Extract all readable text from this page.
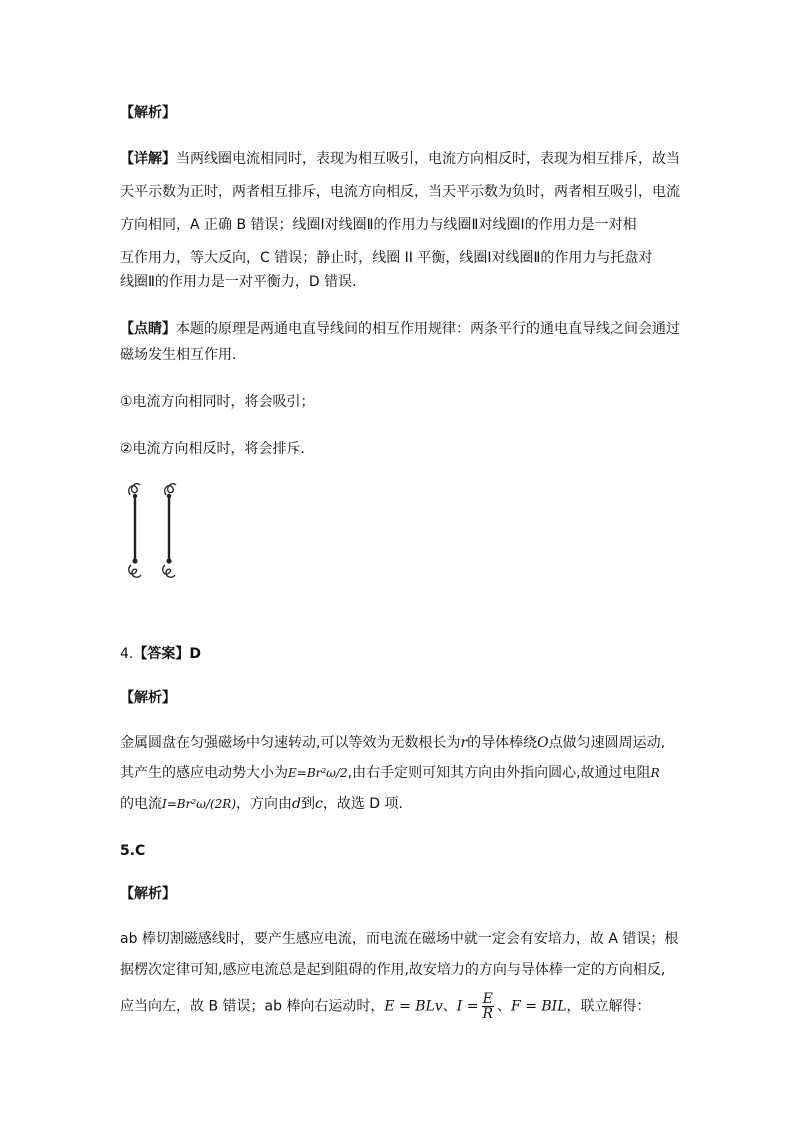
【解析】
【详解】当两线圈电流相同时，表现为相互吸引，电流方向相反时，表现为相互排斥，故当
天平示数为正时，两者相互排斥，电流方向相反，当天平示数为负时，两者相互吸引，电流
方向相同，A 正确 B 错误；线圈Ⅰ对线圈Ⅱ的作用力与线圈Ⅱ对线圈Ⅰ的作用力是一对相
互作用力，等大反向，C 错误；静止时，线圈 II 平衡，线圈Ⅰ对线圈Ⅱ的作用力与托盘对
线圈Ⅱ的作用力是一对平衡力，D 错误．
【点睛】本题的原理是两通电直导线间的相互作用规律：两条平行的通电直导线之间会通过
磁场发生相互作用．
①电流方向相同时，将会吸引；
②电流方向相反时，将会排斥．
4.【答案】D
【解析】
金属圆盘在匀强磁场中匀速转动,可以等效为无数根长为r的导体棒绕O点做匀速圆周运动,
其产生的感应电动势大小为E=Br²ω/2,由右手定则可知其方向由外指向圆心,故通过电阻R
的电流I=Br²ω/(2R)，方向由d到c，故选 D 项．
5.C
【解析】
ab 棒切割磁感线时，要产生感应电流，而电流在磁场中就一定会有安培力，故 A 错误；根
据楞次定律可知,感应电流总是起到阻碍的作用,故安培力的方向与导体棒一定的方向相反,
应当向左，故 B 错误；ab 棒向右运动时，E = BLv、$I = \frac{E}{R}$ 、F = BIL，联立解得：
